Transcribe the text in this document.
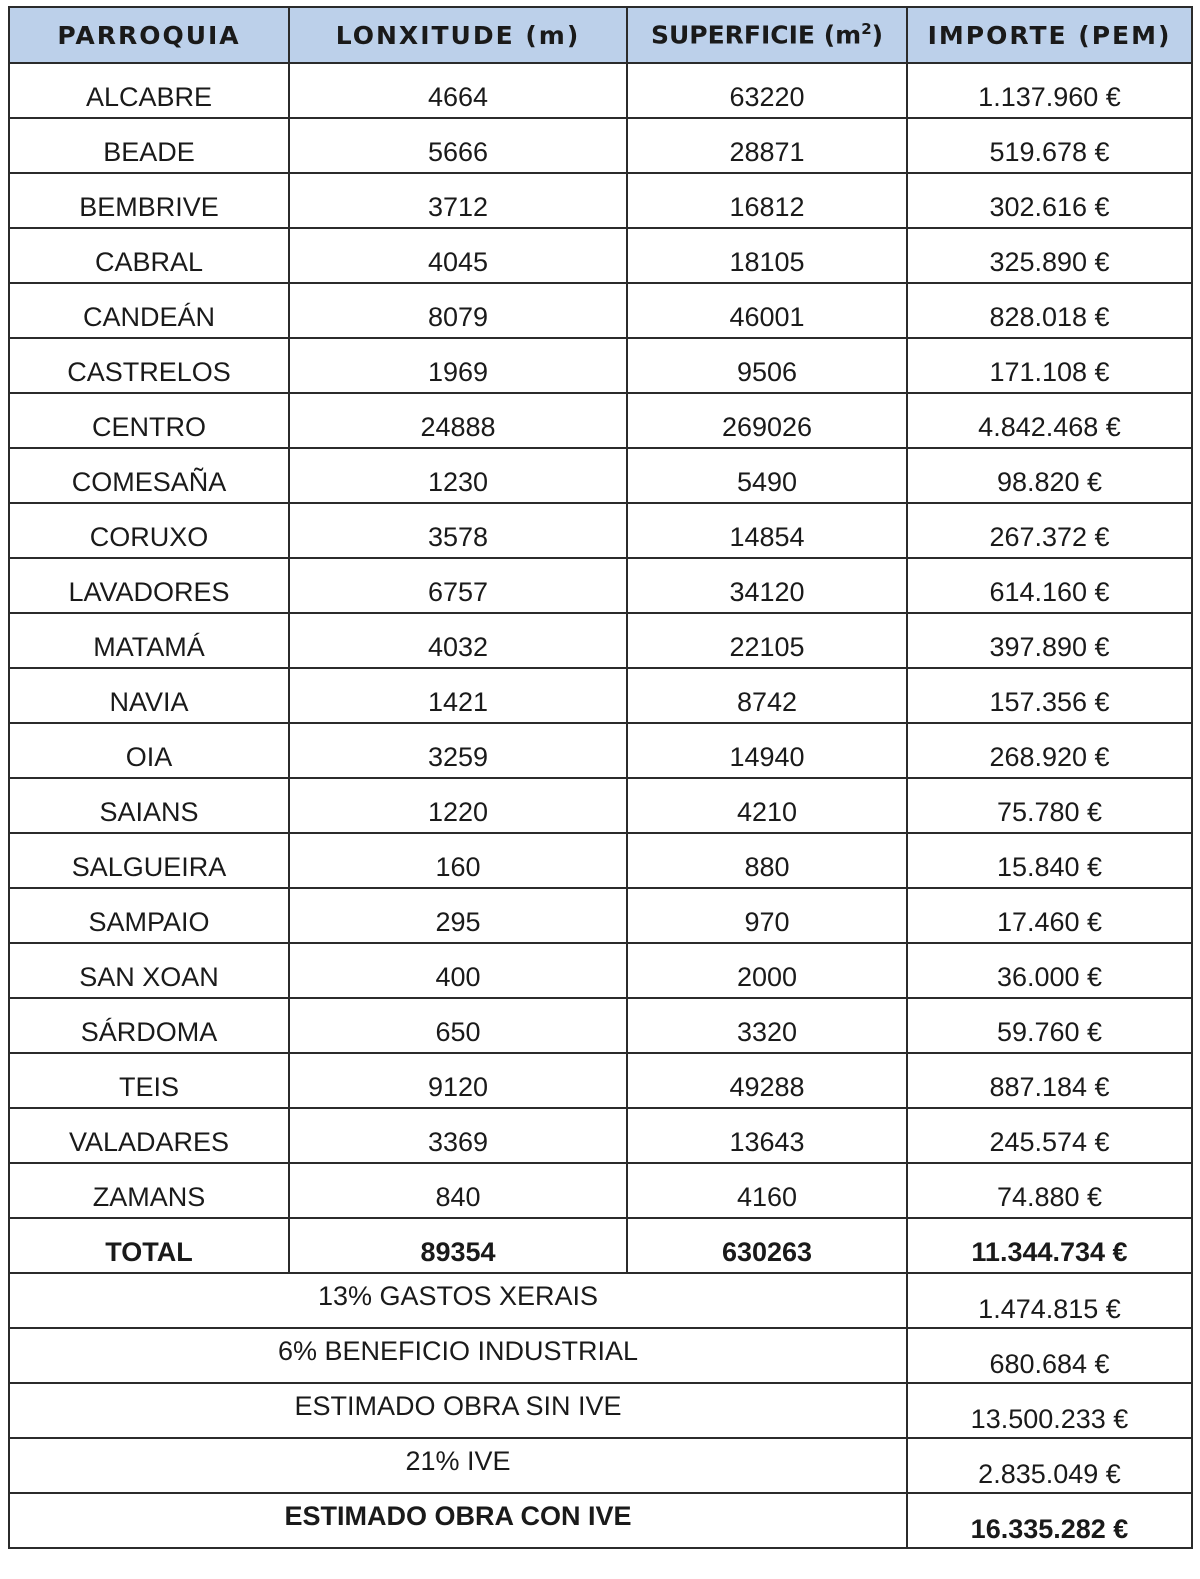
PARROQUIA	LONXITUDE (m)	SUPERFICIE $(m^2)$	IMPORTE (PEM)
ALCABRE	4664	63220	1.137.960 €
BEADE	5666	28871	519.678 €
BEMBRIVE	3712	16812	302.616 €
CABRAL	4045	18105	325.890 €
CANDEÁN	8079	46001	828.018 €
CASTRELOS	1969	9506	171.108 €
CENTRO	24888	269026	4.842.468 €
COMESAÑA	1230	5490	98.820 €
CORUXO	3578	14854	267.372 €
LAVADORES	6757	34120	614.160 €
MATAMÁ	4032	22105	397.890 €
NAVIA	1421	8742	157.356 €
OIA	3259	14940	268.920 €
SAIANS	1220	4210	75.780 €
SALGUEIRA	160	880	15.840 €
SAMPAIO	295	970	17.460 €
SAN XOAN	400	2000	36.000 €
SÁRDOMA	650	3320	59.760 €
TEIS	9120	49288	887.184 €
VALADARES	3369	13643	245.574 €
ZAMANS	840	4160	74.880 €
TOTAL	89354	630263	11.344.734 €
13% GASTOS XERAIS			1.474.815 €
6% BENEFICIO INDUSTRIAL			680.684 €
ESTIMADO OBRA SIN IVE			13.500.233 €
21% IVE			2.835.049 €
ESTIMADO OBRA CON IVE			16.335.282 €
